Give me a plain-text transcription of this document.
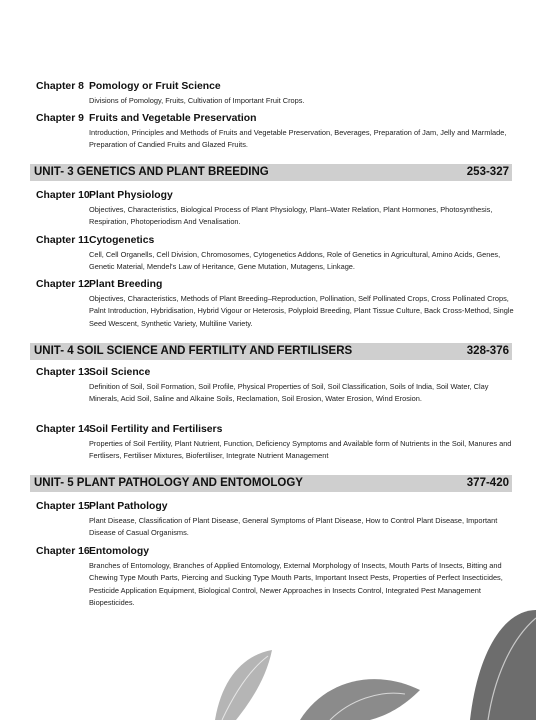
Chapter 8 Pomology or Fruit Science
Divisions of Pomology, Fruits, Cultivation of Important Fruit Crops.
Chapter 9 Fruits and Vegetable Preservation
Introduction, Principles and Methods of Fruits and Vegetable Preservation, Beverages, Preparation of Jam, Jelly and Marmlade, Preparation of Candied Fruits and Glazed Fruits.
UNIT- 3 GENETICS AND PLANT BREEDING	253-327
Chapter 10Plant Physiology
Objectives, Characteristics, Biological Process of Plant Physiology, Plant–Water Relation, Plant Hormones, Photosynthesis, Respiration, Photoperiodism And Venalisation.
Chapter 11Cytogenetics
Cell, Cell Organells, Cell Division, Chromosomes, Cytogenetics Addons, Role of Genetics in Agricultural, Amino Acids, Genes, Genetic Material, Mendel's Law of Heritance, Gene Mutation, Mutagens, Linkage.
Chapter 12Plant Breeding
Objectives, Characteristics, Methods of Plant Breeding–Reproduction, Pollination, Self Pollinated Crops, Cross Pollinated Crops, Palnt Introduction, Hybridisation, Hybrid Vigour or Heterosis, Polyploid Breeding, Plant Tissue Culture, Back Cross-Method, Single Seed Wescent, Synthetic Variety, Multiline Variety.
UNIT- 4 SOIL SCIENCE AND FERTILITY AND FERTILISERS	328-376
Chapter 13Soil Science
Definition of Soil, Soil Formation, Soil Profile, Physical Properties of Soil, Soil Classification, Soils of India, Soil Water, Clay Minerals, Acid Soil, Saline and Alkaine Soils, Reclamation, Soil Erosion, Water Erosion, Wind Erosion.
Chapter 14Soil Fertility and Fertilisers
Properties of Soil Fertility, Plant Nutrient, Function, Deficiency Symptoms and Available form of Nutrients in the Soil, Manures and Fertlisers, Fertiliser Mixtures, Biofertiliser, Integrate Nutrient Management
UNIT- 5 PLANT PATHOLOGY AND ENTOMOLOGY	377-420
Chapter 15Plant Pathology
Plant Disease, Classification of Plant Disease, General Symptoms of Plant Disease, How to Control Plant Disease, Important Disease of Casual Organisms.
Chapter 16Entomology
Branches of Entomology, Branches of Applied Entomology, External Morphology of Insects, Mouth Parts of Insects, Bitting and Chewing Type Mouth Parts, Piercing and Sucking Type Mouth Parts, Important Insect Pests, Properties of Perfect Insecticides, Pesticide Application Equipment, Biological Control, Newer Approaches in Insects Control, Integrated Pest Management Biopesticides.
